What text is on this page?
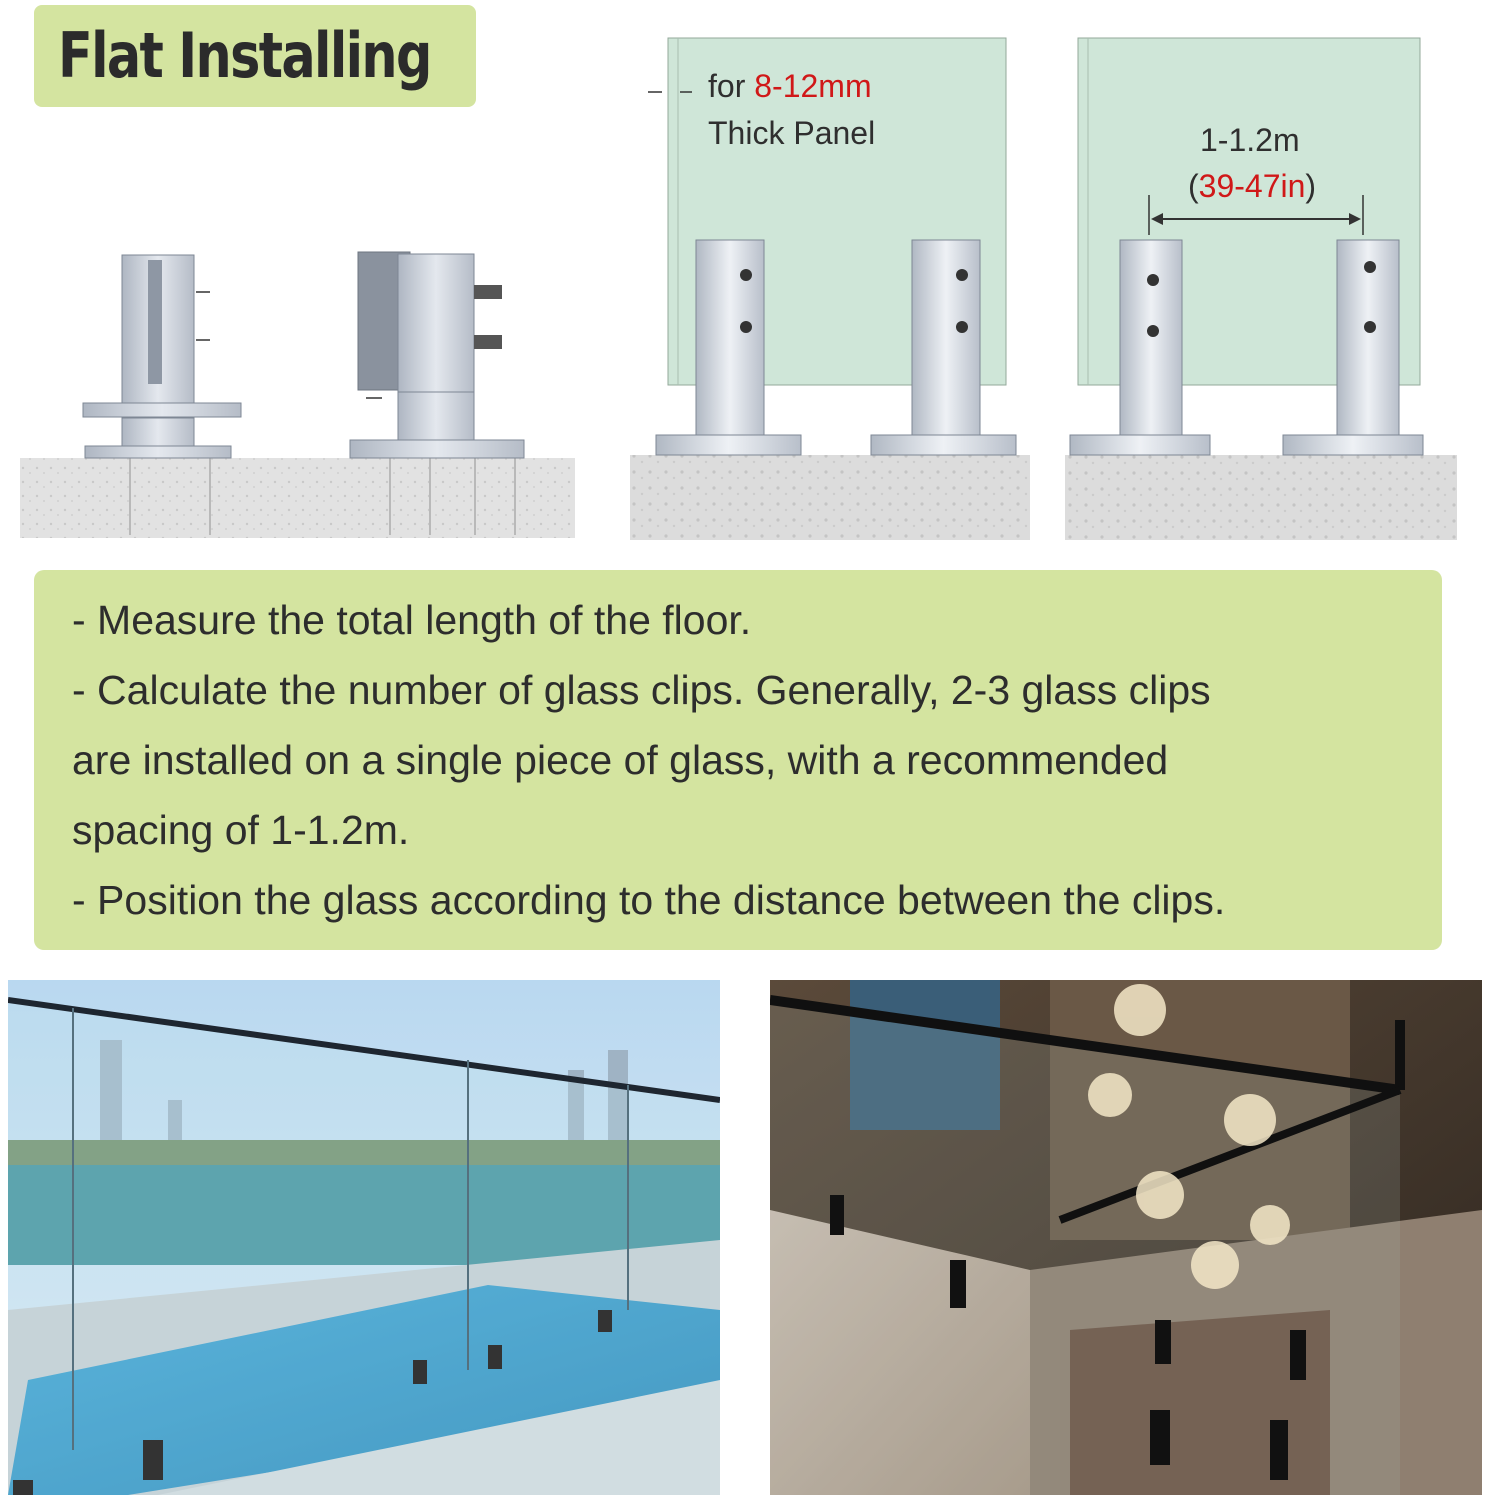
Flat Installing	for 8-12mm
Thick Panel	1-1.2m
(39-47in)
- Measure the total length of the floor.
- Calculate the number of glass clips. Generally, 2-3 glass clips
are installed on a single piece of glass, with a recommended
spacing of 1-1.2m.
- Position the glass according to the distance between the clips.
